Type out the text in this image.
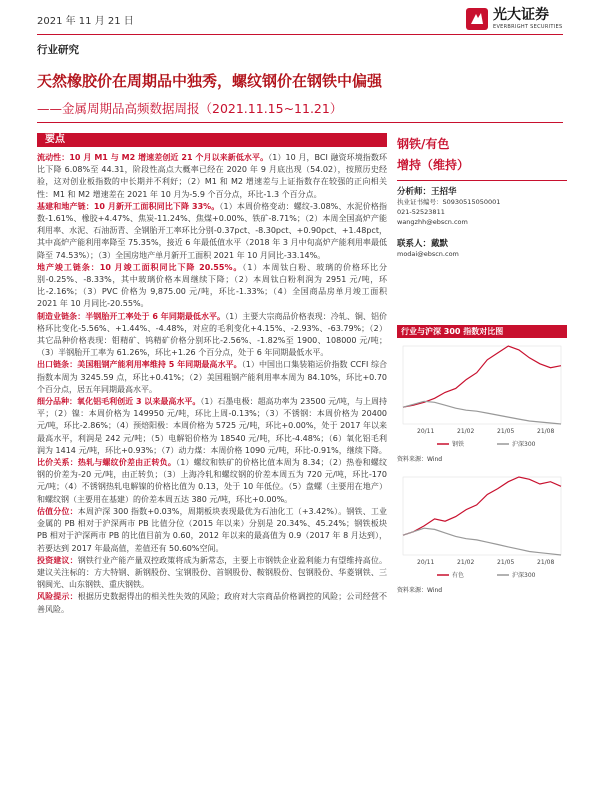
2021 年 11 月 21 日	光大证券
EVERBRIGHT SECURITIES
行业研究
天然橡胶价在周期品中独秀，螺纹钢价在钢铁中偏强
——金属周期品高频数据周报（2021.11.15~11.21）
要点

流动性：10 月 M1 与 M2 增速差创近 21 个月以来新低水平。（1）10 月，BCI 融资环境指数环比下降 6.08%至 44.31，阶段性高点大概率已经在 2020 年 9 月底出现（54.02），按照历史经验，这对创业板指数的中长期并不利好；（2）M1 和 M2 增速差与上证指数存在较强的正向相关性：M1 和 M2 增速差在 2021 年 10 月为-5.9 个百分点，环比-1.3 个百分点。

基建和地产链：10 月新开工面积同比下降 33%。（1）本周价格变动：螺纹-3.08%、水泥价格指数-1.61%、橡胶+4.47%、焦炭-11.24%、焦煤+0.00%、铁矿-8.71%；（2）本周全国高炉产能利用率、水泥、石油沥青、全钢胎开工率环比分别-0.37pct、-8.30pct、+0.90pct、+1.48pct，其中高炉产能利用率降至 75.35%，接近 6 年最低值水平（2018 年 3 月中旬高炉产能利用率最低降至 74.53%）；（3）全国房地产单月新开工面积 2021 年 10 月同比-33.14%。

地产竣工链条：10 月竣工面积同比下降 20.55%。（1）本周钛白粉、玻璃的价格环比分别-0.25%、-8.33%，其中玻璃价格本周继续下降；（2）本周钛白粉利润为 2951 元/吨，环比-2.16%；（3）PVC 价格为 9,875.00 元/吨，环比-1.33%；（4）全国商品房单月竣工面积 2021 年 10 月同比-20.55%。

制造业链条：半钢胎开工率处于 6 年同期最低水平。（1）主要大宗商品价格表现：冷轧、铜、铝价格环比变化-5.56%、+1.44%、-4.48%，对应的毛利变化+4.15%、-2.93%、-63.79%；（2）其它品种价格表现：钼精矿、钨精矿价格分别环比-2.56%、-1.82%至 1900、108000 元/吨；（3）半钢胎开工率为 61.26%，环比+1.26 个百分点，处于 6 年同期最低水平。

出口链条：美国粗钢产能利用率维持 5 年同期最高水平。（1）中国出口集装箱运价指数 CCFI 综合指数本周为 3245.59 点，环比+0.41%；（2）美国粗钢产能利用率本周为 84.10%，环比+0.70 个百分点，居五年同期最高水平。

细分品种：氧化铝毛利创近 3 以来最高水平。（1）石墨电极：超高功率为 23500 元/吨，与上周持平；（2）镍：本周价格为 149950 元/吨，环比上周-0.13%；（3）不锈钢：本周价格为 20400 元/吨，环比-2.86%；（4）预焙阳极：本周价格为 5725 元/吨，环比+0.00%，处于 2017 年以来最高水平，利润是 242 元/吨；（5）电解铝价格为 18540 元/吨，环比-4.48%；（6）氧化铝毛利润为 1414 元/吨，环比+0.93%；（7）动力煤：本周价格 1090 元/吨，环比-0.91%，继续下降。

比价关系：热轧与螺纹价差由正转负。（1）螺纹和铁矿的价格比值本周为 8.34；（2）热卷和螺纹钢的价差为-20 元/吨，由正转负；（3）上海冷轧和螺纹钢的价差本周五为 720 元/吨，环比-170 元/吨；（4）不锈钢热轧电解镍的价格比值为 0.13，处于 10 年低位。（5）盘螺（主要用在地产）和螺纹钢（主要用在基建）的价差本周五达 380 元/吨，环比+0.00%。

估值分位：本周沪深 300 指数+0.03%，周期板块表现最优为石油化工（+3.42%）。钢铁、工业金属的 PB 相对于沪深两市 PB 比值分位（2015 年以来）分别是 20.34%、45.24%；钢铁板块 PB 相对于沪深两市 PB 的比值目前为 0.60，2012 年以来的最高值为 0.9（2017 年 8 月达到），若要达到 2017 年最高值，差值还有 50.60%空间。

投资建议：钢铁行业产能产量双控政策将成为新常态，主要上市钢铁企业盈利能力有望维持高位。建议关注标的：方大特钢、新钢股份、宝钢股份、首钢股份、鞍钢股份、包钢股份、华菱钢铁、三钢闽光、山东钢铁、重庆钢铁。

风险提示：根据历史数据得出的相关性失效的风险；政府对大宗商品价格调控的风险；公司经营不善风险。

钢铁/有色
增持（维持）
分析师：王招华
执业证书编号：S0930515050001
021-52523811
wangzhh@ebscn.com
联系人：戴默
modai@ebscn.com
行业与沪深 300 指数对比图
20/11	21/02	21/05	21/08
钢铁	沪深300
资料来源：Wind
20/11	21/02	21/05	21/08
有色	沪深300
资料来源：Wind
